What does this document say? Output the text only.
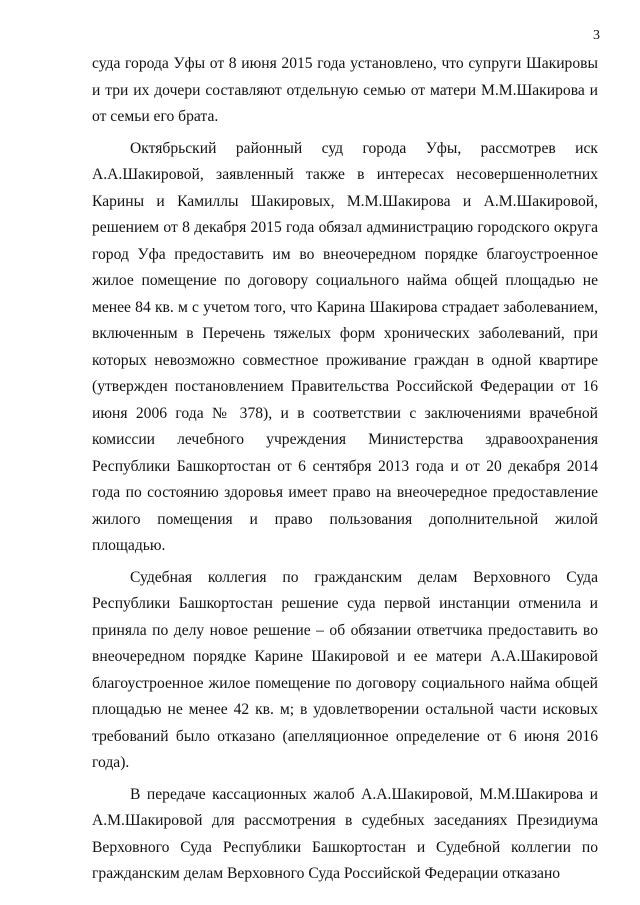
3

суда города Уфы от 8 июня 2015 года установлено, что супруги Шакировы и три их дочери составляют отдельную семью от матери М.М.Шакирова и от семьи его брата.

Октябрьский районный суд города Уфы, рассмотрев иск А.А.Шакировой, заявленный также в интересах несовершеннолетних Карины и Камиллы Шакировых, М.М.Шакирова и А.М.Шакировой, решением от 8 декабря 2015 года обязал администрацию городского округа город Уфа предоставить им во внеочередном порядке благоустроенное жилое помещение по договору социального найма общей площадью не менее 84 кв. м с учетом того, что Карина Шакирова страдает заболеванием, включенным в Перечень тяжелых форм хронических заболеваний, при которых невозможно совместное проживание граждан в одной квартире (утвержден постановлением Правительства Российской Федерации от 16 июня 2006 года № 378), и в соответствии с заключениями врачебной комиссии лечебного учреждения Министерства здравоохранения Республики Башкортостан от 6 сентября 2013 года и от 20 декабря 2014 года по состоянию здоровья имеет право на внеочередное предоставление жилого помещения и право пользования дополнительной жилой площадью.

Судебная коллегия по гражданским делам Верховного Суда Республики Башкортостан решение суда первой инстанции отменила и приняла по делу новое решение – об обязании ответчика предоставить во внеочередном порядке Карине Шакировой и ее матери А.А.Шакировой благоустроенное жилое помещение по договору социального найма общей площадью не менее 42 кв. м; в удовлетворении остальной части исковых требований было отказано (апелляционное определение от 6 июня 2016 года).

В передаче кассационных жалоб А.А.Шакировой, М.М.Шакирова и А.М.Шакировой для рассмотрения в судебных заседаниях Президиума Верховного Суда Республики Башкортостан и Судебной коллегии по гражданским делам Верховного Суда Российской Федерации отказано
